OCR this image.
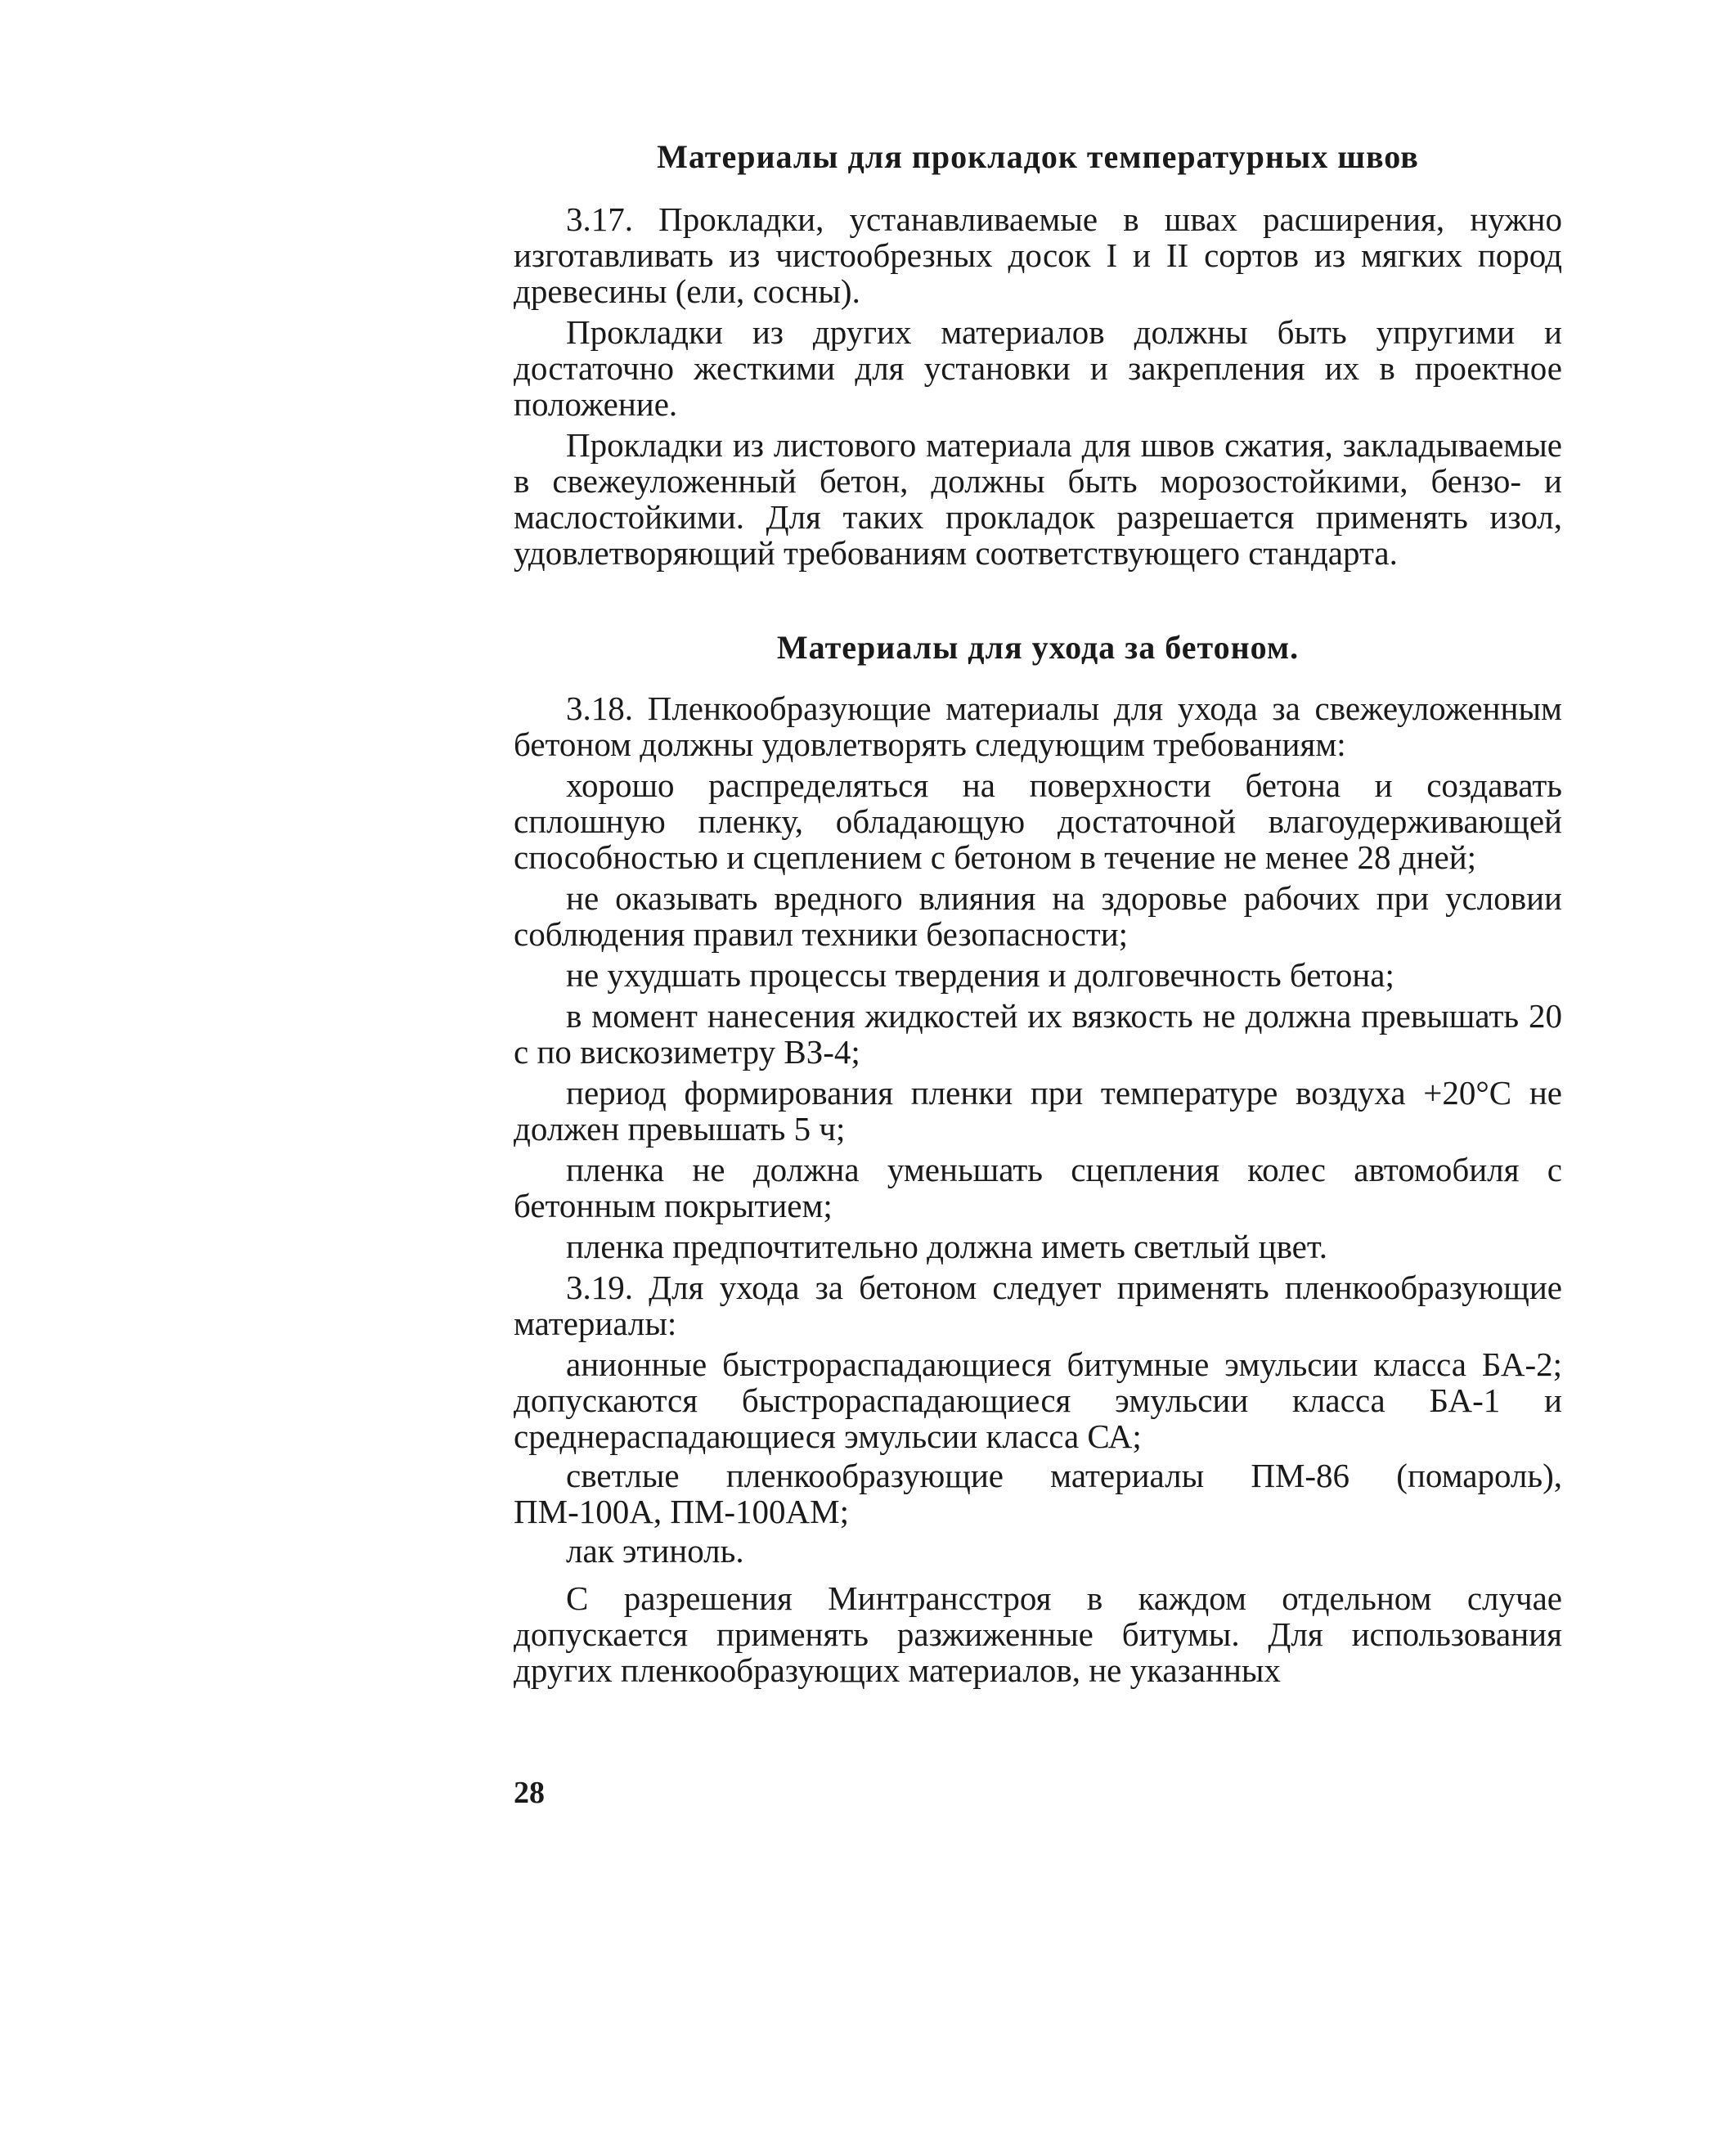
Материалы для прокладок температурных швов

3.17. Прокладки, устанавливаемые в швах расширения, нужно изготавливать из чистообрезных досок I и II сортов из мягких пород древесины (ели, сосны).

Прокладки из других материалов должны быть упругими и достаточно жесткими для установки и закрепления их в проектное положение.

Прокладки из листового материала для швов сжатия, закладываемые в свежеуложенный бетон, должны быть морозостойкими, бензо- и маслостойкими. Для таких прокладок разрешается применять изол, удовлетворяющий требованиям соответствующего стандарта.

Материалы для ухода за бетоном.

3.18. Пленкообразующие материалы для ухода за свежеуложенным бетоном должны удовлетворять следующим требованиям:

хорошо распределяться на поверхности бетона и создавать сплошную пленку, обладающую достаточной влагоудерживающей способностью и сцеплением с бетоном в течение не менее 28 дней;

не оказывать вредного влияния на здоровье рабочих при условии соблюдения правил техники безопасности;

не ухудшать процессы твердения и долговечность бетона;

в момент нанесения жидкостей их вязкость не должна превышать 20 с по вискозиметру ВЗ-4;

период формирования пленки при температуре воздуха +20°С не должен превышать 5 ч;

пленка не должна уменьшать сцепления колес автомобиля с бетонным покрытием;

пленка предпочтительно должна иметь светлый цвет.

3.19. Для ухода за бетоном следует применять пленкообразующие материалы:

анионные быстрораспадающиеся битумные эмульсии класса БА-2; допускаются быстрораспадающиеся эмульсии класса БА-1 и среднераспадающиеся эмульсии класса СА;

светлые пленкообразующие материалы ПМ-86 (помароль), ПМ-100А, ПМ-100АМ;

лак этиноль.

С разрешения Минтрансстроя в каждом отдельном случае допускается применять разжиженные битумы. Для использования других пленкообразующих материалов, не указанных

28
